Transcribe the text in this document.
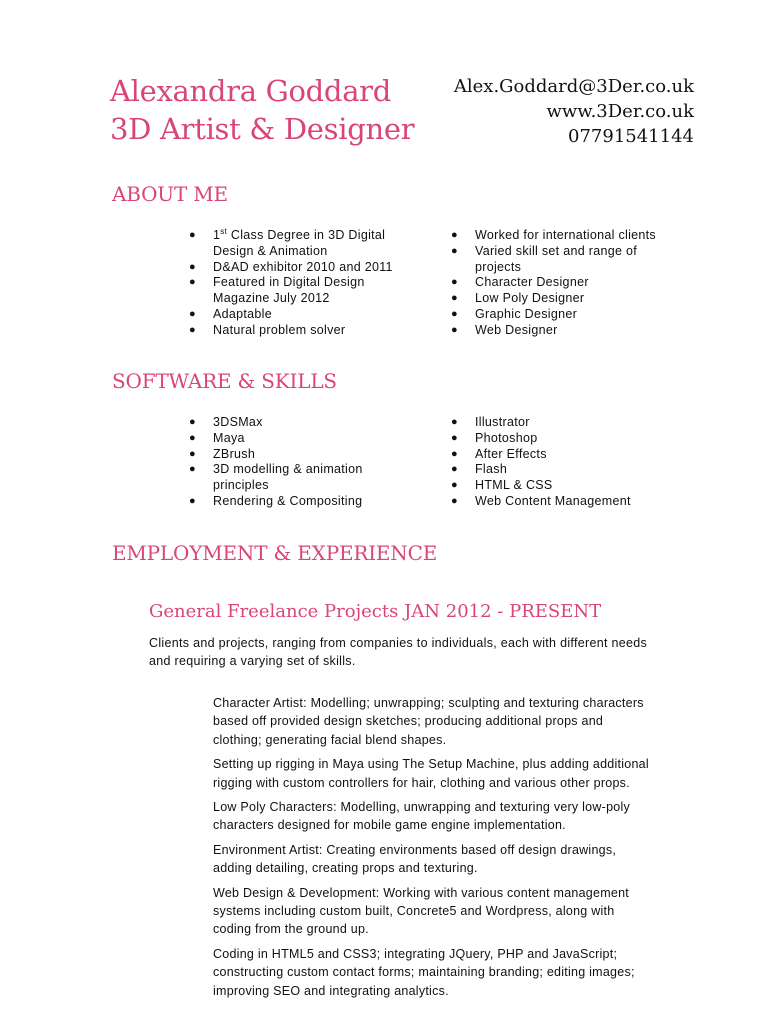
Alexandra Goddard
3D Artist & Designer
Alex.Goddard@3Der.co.uk
www.3Der.co.uk
07791541144
ABOUT ME
● 1st Class Degree in 3D Digital Design & Animation
● D&AD exhibitor 2010 and 2011
● Featured in Digital Design Magazine July 2012
● Adaptable
● Natural problem solver
● Worked for international clients
● Varied skill set and range of projects
● Character Designer
● Low Poly Designer
● Graphic Designer
● Web Designer
SOFTWARE & SKILLS
● 3DSMax
● Maya
● ZBrush
● 3D modelling & animation principles
● Rendering & Compositing
● Illustrator
● Photoshop
● After Effects
● Flash
● HTML & CSS
● Web Content Management
EMPLOYMENT & EXPERIENCE
General Freelance Projects JAN 2012 - PRESENT
Clients and projects, ranging from companies to individuals, each with different needs and requiring a varying set of skills.

Character Artist: Modelling; unwrapping; sculpting and texturing characters based off provided design sketches; producing additional props and clothing; generating facial blend shapes.

Setting up rigging in Maya using The Setup Machine, plus adding additional rigging with custom controllers for hair, clothing and various other props.

Low Poly Characters: Modelling, unwrapping and texturing very low-poly characters designed for mobile game engine implementation.

Environment Artist: Creating environments based off design drawings, adding detailing, creating props and texturing.

Web Design & Development: Working with various content management systems including custom built, Concrete5 and Wordpress, along with coding from the ground up.

Coding in HTML5 and CSS3; integrating JQuery, PHP and JavaScript; constructing custom contact forms; maintaining branding; editing images; improving SEO and integrating analytics.
